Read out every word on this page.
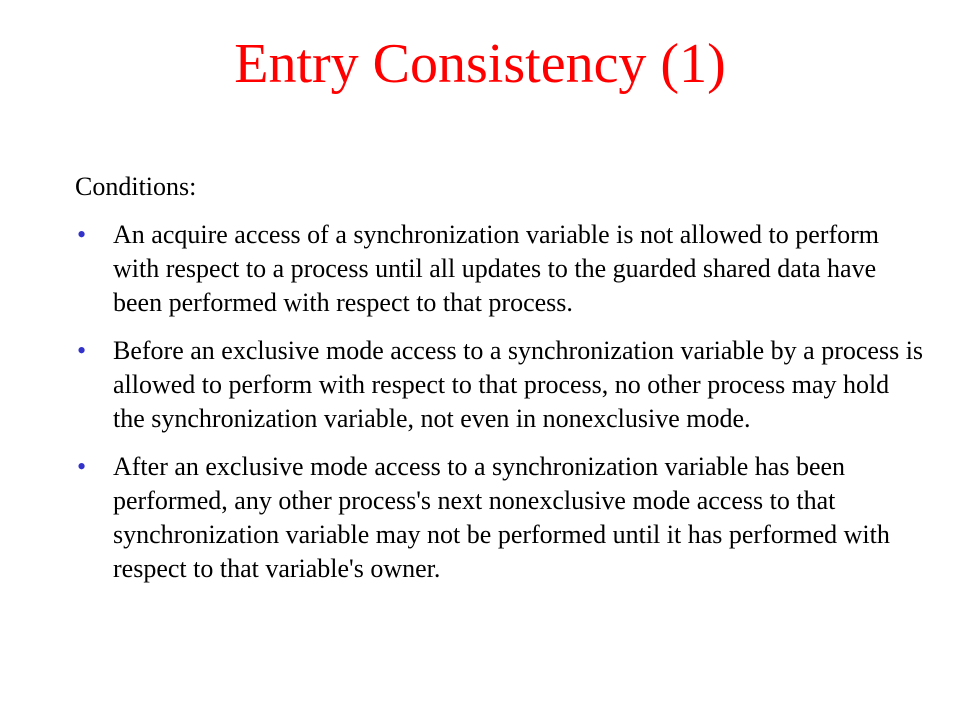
Entry Consistency (1)
Conditions:
• An acquire access of a synchronization variable is not allowed to perform with respect to a process until all updates to the guarded shared data have been performed with respect to that process.
• Before an exclusive mode access to a synchronization variable by a process is allowed to perform with respect to that process, no other process may hold the synchronization variable, not even in nonexclusive mode.
• After an exclusive mode access to a synchronization variable has been performed, any other process's next nonexclusive mode access to that synchronization variable may not be performed until it has performed with respect to that variable's owner.
